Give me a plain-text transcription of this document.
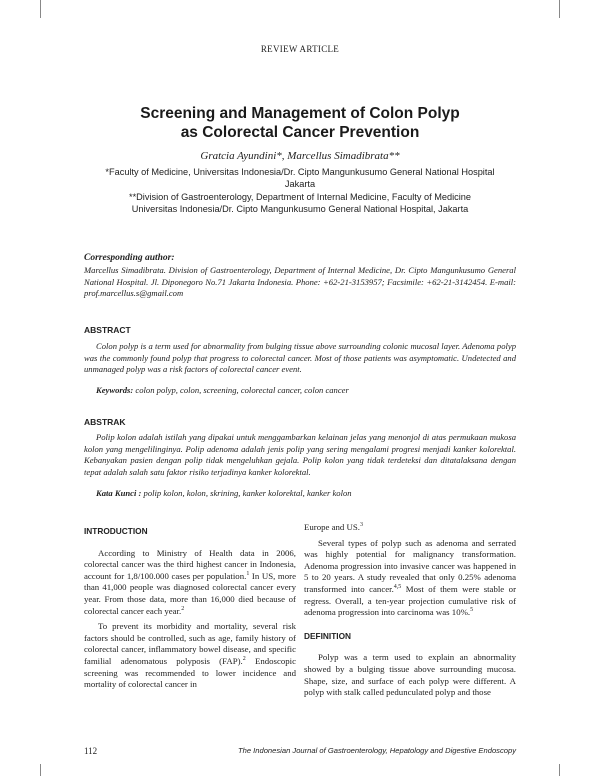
REVIEW ARTICLE
Screening and Management of Colon Polyp
as Colorectal Cancer Prevention
Gratcia Ayundini*, Marcellus Simadibrata**
*Faculty of Medicine, Universitas Indonesia/Dr. Cipto Mangunkusumo General National Hospital
Jakarta
**Division of Gastroenterology, Department of Internal Medicine, Faculty of Medicine
Universitas Indonesia/Dr. Cipto Mangunkusumo General National Hospital, Jakarta
Corresponding author:
Marcellus Simadibrata. Division of Gastroenterology, Department of Internal Medicine, Dr. Cipto Mangunkusumo General National Hospital. Jl. Diponegoro No.71 Jakarta Indonesia. Phone: +62-21-3153957; Facsimile: +62-21-3142454. E-mail: prof.marcellus.s@gmail.com
ABSTRACT
Colon polyp is a term used for abnormality from bulging tissue above surrounding colonic mucosal layer. Adenoma polyp was the commonly found polyp that progress to colorectal cancer. Most of those patients was asymptomatic. Undetected and unmanaged polyp was a risk factors of colorectal cancer event.
Keywords: colon polyp, colon, screening, colorectal cancer, colon cancer
ABSTRAK
Polip kolon adalah istilah yang dipakai untuk menggambarkan kelainan jelas yang menonjol di atas permukaan mukosa kolon yang mengelilinginya. Polip adenoma adalah jenis polip yang sering mengalami progresi menjadi kanker kolorektal. Kebanyakan pasien dengan polip tidak mengeluhkan gejala. Polip kolon yang tidak terdeteksi dan ditatalaksana dengan tepat adalah salah satu faktor risiko terjadinya kanker kolorektal.
Kata Kunci : polip kolon, kolon, skrining, kanker kolorektal, kanker kolon
INTRODUCTION

According to Ministry of Health data in 2006, colorectal cancer was the third highest cancer in Indonesia, account for 1,8/100.000 cases per population.$^1$ In US, more than 41,000 people was diagnosed colorectal cancer every year. From those data, more than 16,000 died because of colorectal cancer each year.$^2$

To prevent its morbidity and mortality, several risk factors should be controlled, such as age, family history of colorectal cancer, inflammatory bowel disease, and specific familial adenomatous polyposis (FAP).$^2$ Endoscopic screening was recommended to lower incidence and mortality of colorectal cancer in

Europe and US.$^3$

Several types of polyp such as adenoma and serrated was highly potential for malignancy transformation. Adenoma progression into invasive cancer was happened in 5 to 20 years. A study revealed that only 0.25% adenoma transformed into cancer.$^{4,5}$ Most of them were stable or regress. Overall, a ten-year projection cumulative risk of adenoma progression into carcinoma was 10%.$^5$

DEFINITION

Polyp was a term used to explain an abnormality showed by a bulging tissue above surrounding mucosa. Shape, size, and surface of each polyp were different. A polyp with stalk called pedunculated polyp and those

112	The Indonesian Journal of Gastroenterology, Hepatology and Digestive Endoscopy
